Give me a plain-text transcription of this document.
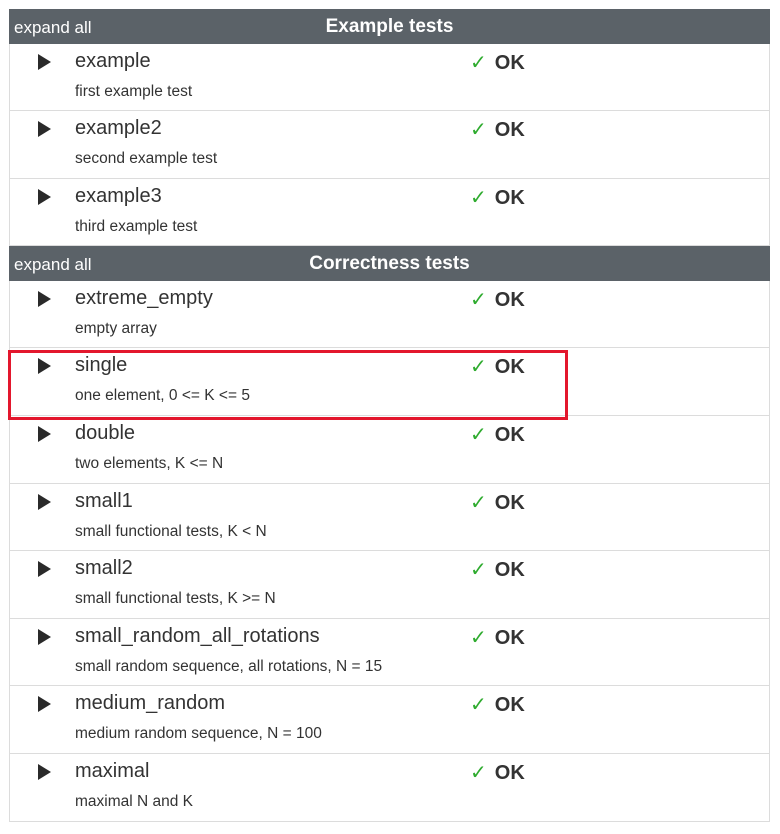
expand all	Example tests
example
first example test
✓ OK
example2
second example test
✓ OK
example3
third example test
✓ OK
expand all	Correctness tests
extreme_empty
empty array
✓ OK
single
one element, 0 <= K <= 5
✓ OK
double
two elements, K <= N
✓ OK
small1
small functional tests, K < N
✓ OK
small2
small functional tests, K >= N
✓ OK
small_random_all_rotations
small random sequence, all rotations, N = 15
✓ OK
medium_random
medium random sequence, N = 100
✓ OK
maximal
maximal N and K
✓ OK
